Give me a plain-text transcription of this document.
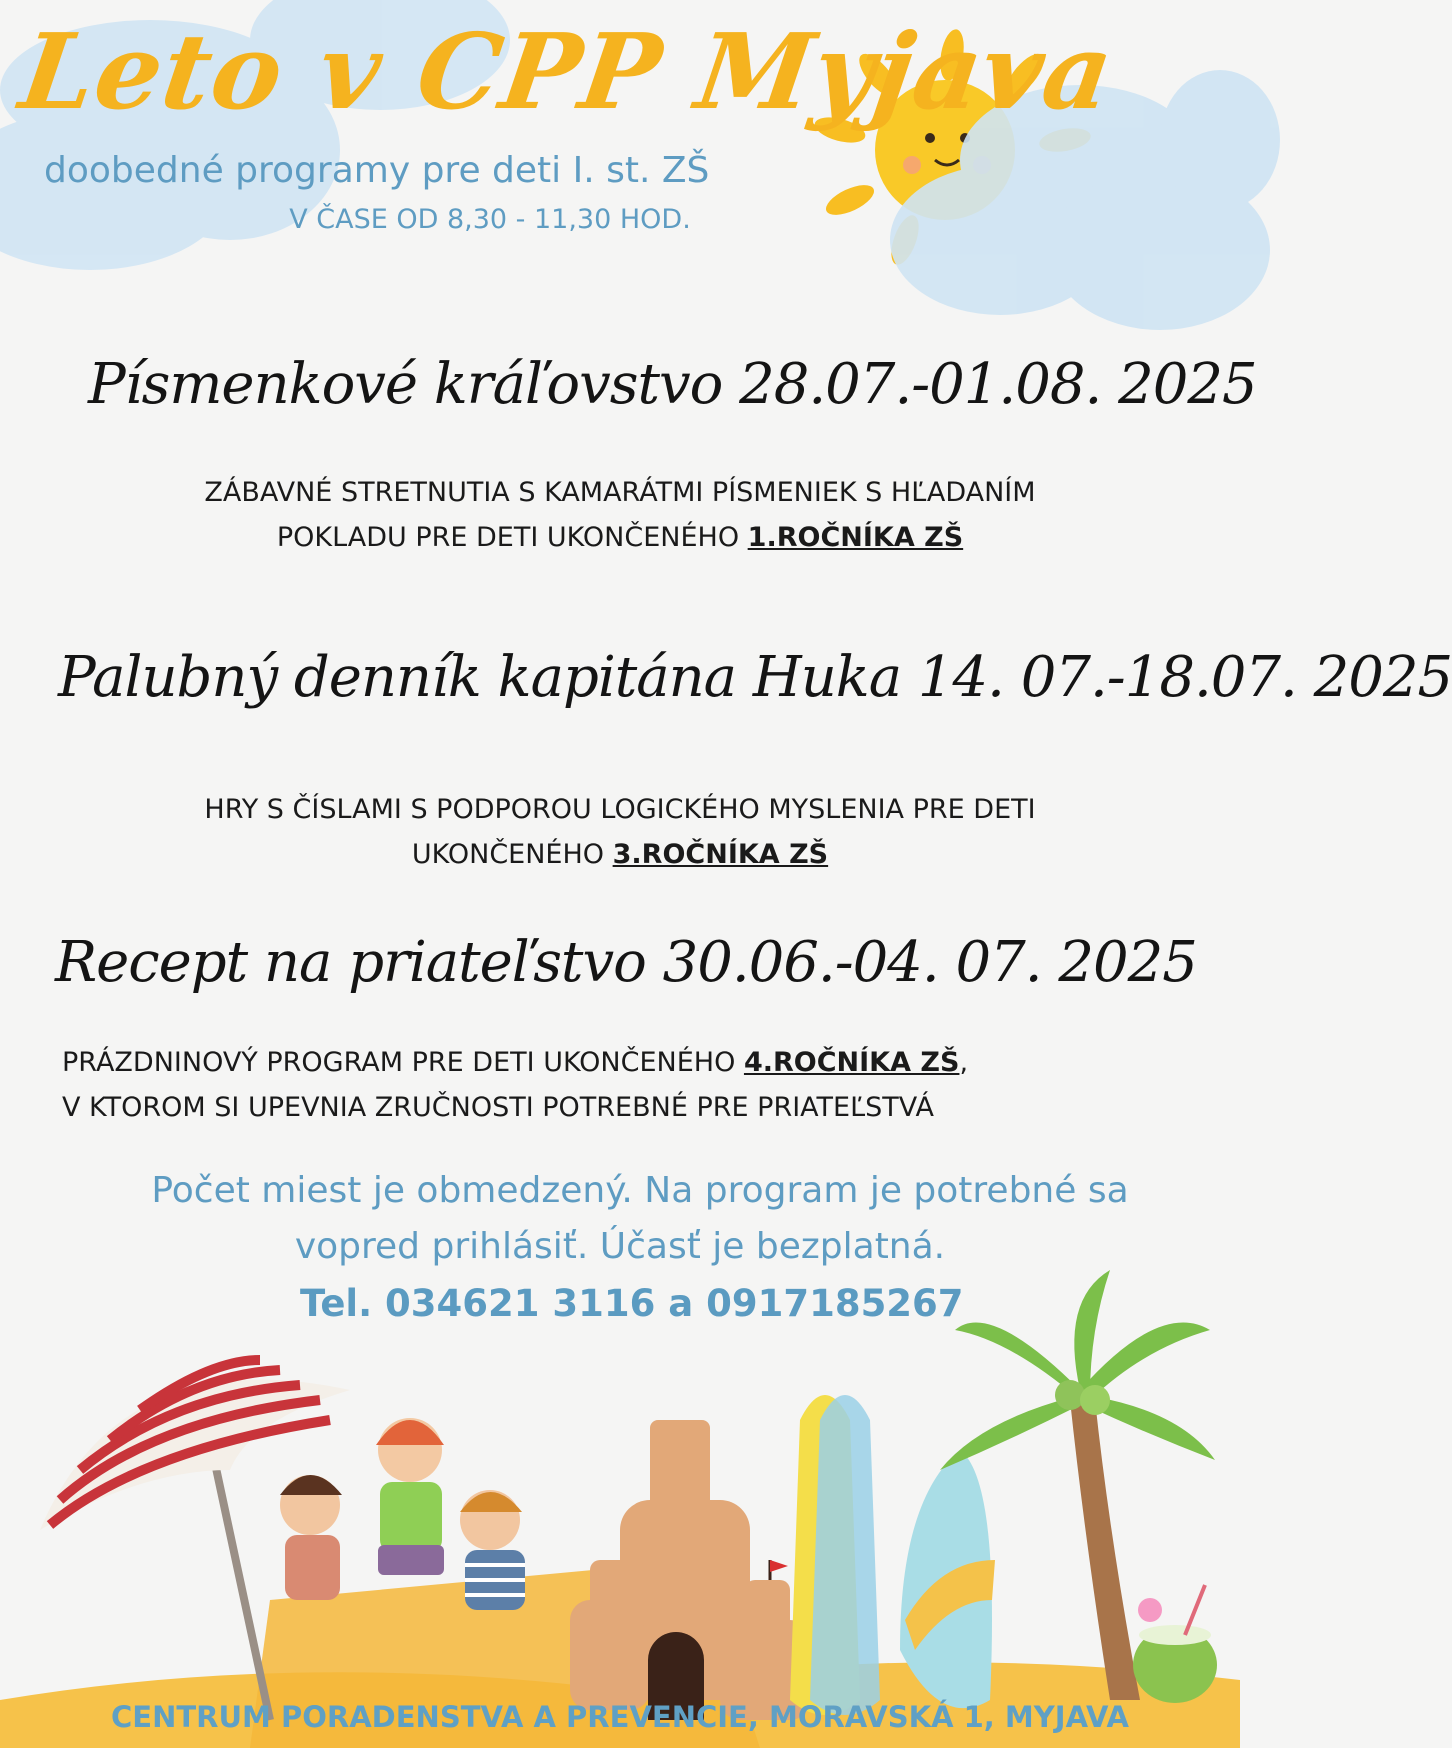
Leto v CPP Myjava
doobedné programy pre deti I. st. ZŠ
V ČASE OD 8,30 - 11,30 HOD.
Písmenkové kráľovstvo 28.07.-01.08. 2025
ZÁBAVNÉ STRETNUTIA S KAMARÁTMI PÍSMENIEK S HĽADANÍM
POKLADU PRE DETI UKONČENÉHO 1.ROČNÍKA ZŠ
Palubný denník kapitána Huka 14. 07.-18.07. 2025
HRY S ČÍSLAMI S PODPOROU LOGICKÉHO MYSLENIA PRE DETI
UKONČENÉHO 3.ROČNÍKA ZŠ
Recept na priateľstvo 30.06.-04. 07. 2025
PRÁZDNINOVÝ PROGRAM PRE DETI UKONČENÉHO 4.ROČNÍKA ZŠ,
V KTOROM SI UPEVNIA ZRUČNOSTI POTREBNÉ PRE PRIATEĽSTVÁ
Počet miest je obmedzený. Na program je potrebné sa
vopred prihlásiť. Účasť je bezplatná.
Tel. 034621 3116 a 0917185267
CENTRUM PORADENSTVA A PREVENCIE, MORAVSKÁ 1, MYJAVA
